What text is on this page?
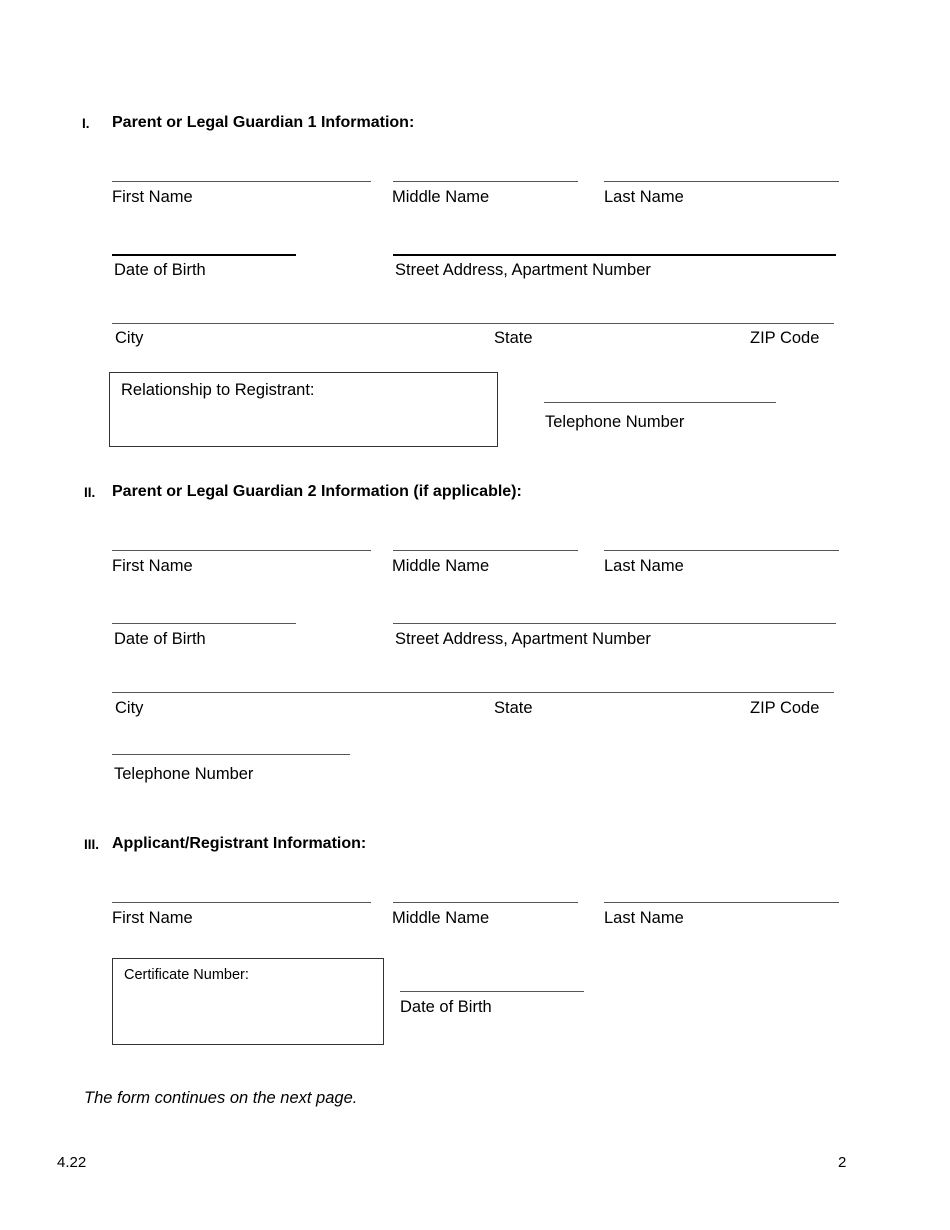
I. Parent or Legal Guardian 1 Information:
First Name	Middle Name	Last Name
Date of Birth	Street Address, Apartment Number
City	State	ZIP Code
Relationship to Registrant:
Telephone Number
II. Parent or Legal Guardian 2 Information (if applicable):
First Name	Middle Name	Last Name
Date of Birth	Street Address, Apartment Number
City	State	ZIP Code
Telephone Number
III. Applicant/Registrant Information:
First Name	Middle Name	Last Name
Certificate Number:
Date of Birth
The form continues on the next page.
4.22	2
